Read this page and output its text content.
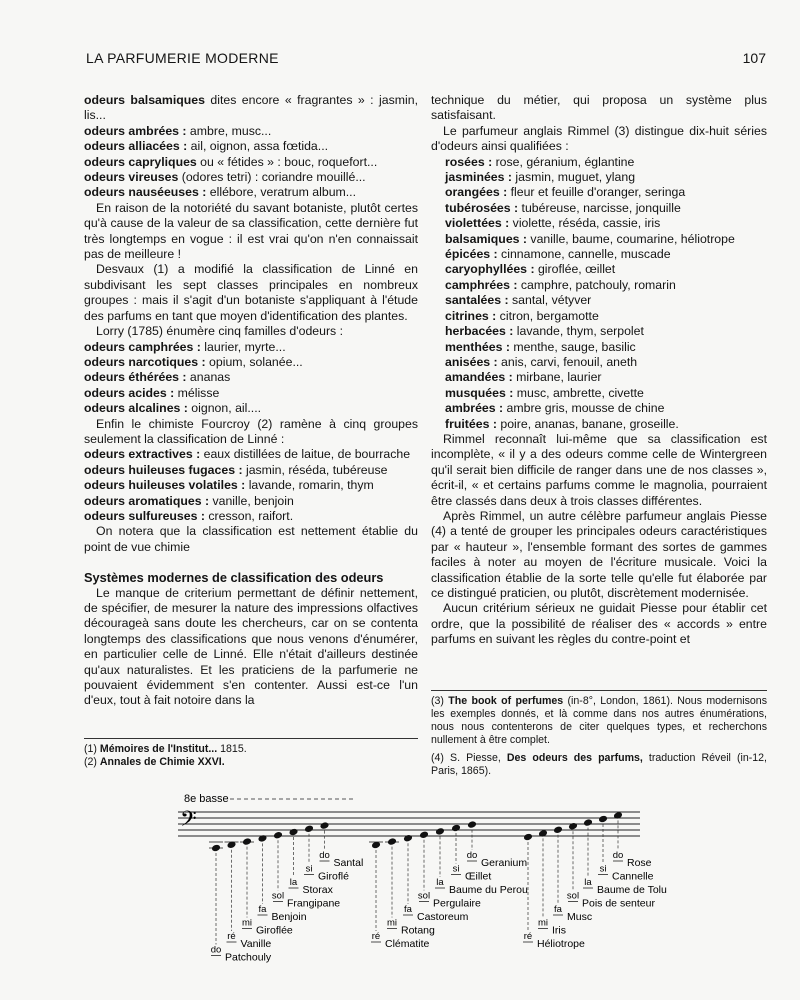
LA PARFUMERIE MODERNE	107

odeurs balsamiques dites encore « fragrantes » : jasmin, lis...

odeurs ambrées : ambre, musc...

odeurs alliacées : ail, oignon, assa fœtida...

odeurs capryliques ou « fétides » : bouc, roquefort...

odeurs vireuses (odores tetri) : coriandre mouillé...

odeurs nauséeuses : ellébore, veratrum album...

En raison de la notoriété du savant botaniste, plutôt certes qu'à cause de la valeur de sa classification, cette dernière fut très longtemps en vogue : il est vrai qu'on n'en connaissait pas de meilleure !

Desvaux (1) a modifié la classification de Linné en subdivisant les sept classes principales en nombreux groupes : mais il s'agit d'un botaniste s'appliquant à l'étude des parfums en tant que moyen d'identification des plantes.

Lorry (1785) énumère cinq familles d'odeurs :

odeurs camphrées : laurier, myrte...

odeurs narcotiques : opium, solanée...

odeurs éthérées : ananas

odeurs acides : mélisse

odeurs alcalines : oignon, ail....

Enfin le chimiste Fourcroy (2) ramène à cinq groupes seulement la classification de Linné :

odeurs extractives : eaux distillées de laitue, de bourrache

odeurs huileuses fugaces : jasmin, réséda, tubéreuse

odeurs huileuses volatiles : lavande, romarin, thym

odeurs aromatiques : vanille, benjoin

odeurs sulfureuses : cresson, raifort.

On notera que la classification est nettement établie du point de vue chimie

Systèmes modernes de classification des odeurs

Le manque de criterium permettant de définir nettement, de spécifier, de mesurer la nature des impressions olfactives décourageà sans doute les chercheurs, car on se contenta longtemps des classifications que nous venons d'énumérer, en particulier celle de Linné. Elle n'était d'ailleurs destinée qu'aux naturalistes. Et les praticiens de la parfumerie ne pouvaient évidemment s'en contenter. Aussi est-ce l'un d'eux, tout à fait notoire dans la

technique du métier, qui proposa un système plus satisfaisant.

Le parfumeur anglais Rimmel (3) distingue dix-huit séries d'odeurs ainsi qualifiées :

rosées : rose, géranium, églantine

jasminées : jasmin, muguet, ylang

orangées : fleur et feuille d'oranger, seringa

tubérosées : tubéreuse, narcisse, jonquille

violettées : violette, réséda, cassie, iris

balsamiques : vanille, baume, coumarine, héliotrope

épicées : cinnamone, cannelle, muscade

caryophyllées : giroflée, œillet

camphrées : camphre, patchouly, romarin

santalées : santal, vétyver

citrines : citron, bergamotte

herbacées : lavande, thym, serpolet

menthées : menthe, sauge, basilic

anisées : anis, carvi, fenouil, aneth

amandées : mirbane, laurier

musquées : musc, ambrette, civette

ambrées : ambre gris, mousse de chine

fruitées : poire, ananas, banane, groseille.

Rimmel reconnaît lui-même que sa classification est incomplète, « il y a des odeurs comme celle de Wintergreen qu'il serait bien difficile de ranger dans une de nos classes », écrit-il, « et certains parfums comme le magnolia, pourraient être classés dans deux à trois classes différentes.

Après Rimmel, un autre célèbre parfumeur anglais Piesse (4) a tenté de grouper les principales odeurs caractéristiques par « hauteur », l'ensemble formant des sortes de gammes faciles à noter au moyen de l'écriture musicale. Voici la classification établie de la sorte telle qu'elle fut élaborée par ce distingué praticien, ou plutôt, discrètement modernisée.

Aucun critérium sérieux ne guidait Piesse pour établir cet ordre, que la possibilité de réaliser des « accords » entre parfums en suivant les règles du contre-point et

(3) The book of perfumes (in-8°, London, 1861). Nous modernisons les exemples donnés, et là comme dans nos autres énumérations, nous nous contenterons de citer quelques types, et recherchons nullement à être complet.

(4) S. Piesse, Des odeurs des parfums, traduction Réveil (in-12, Paris, 1865).

(1) Mémoires de l'Institut... 1815.

(2) Annales de Chimie XXVI.

8e basse
𝄢
do
Patchouly
ré
Vanille
mi
Giroflée
fa
Benjoin
sol
Frangipane
la
Storax
si
Giroflé
do
Santal
ré
Clématite
mi
Rotang
fa
Castoreum
sol
Pergulaire
la
Baume du Perou
si
Œillet
do
Geranium
ré
Héliotrope
mi
Iris
fa
Musc
sol
Pois de senteur
la
Baume de Tolu
si
Cannelle
do
Rose
